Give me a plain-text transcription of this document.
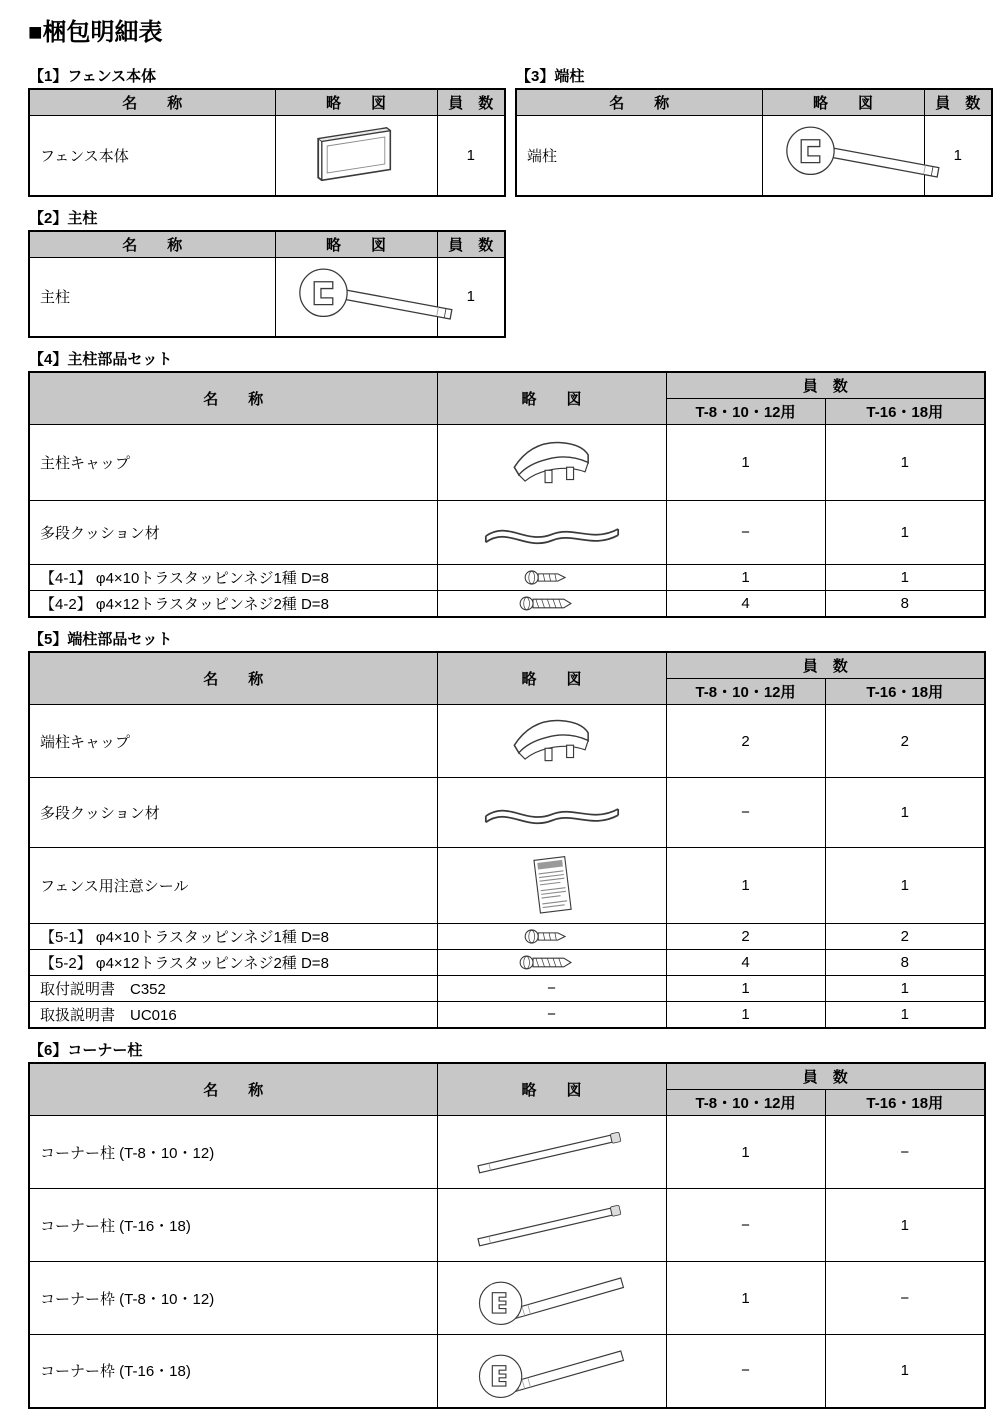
■梱包明細表
【1】フェンス本体
名　　称	略　　図	員　数
フェンス本体		1
【2】主柱
名　　称	略　　図	員　数
主柱		1
【3】端柱
名　　称	略　　図	員　数
端柱		1
【4】主柱部品セット
名　　称	略　　図	員　数	
		T-8・10・12用	T-16・18用
主柱キャップ		1	1
多段クッション材		−	1
【4-1】 φ4×10トラスタッピンネジ1種 D=8		1	1
【4-2】 φ4×12トラスタッピンネジ2種 D=8		4	8
【5】端柱部品セット
名　　称	略　　図	員　数	
		T-8・10・12用	T-16・18用
端柱キャップ		2	2
多段クッション材		−	1
フェンス用注意シール		1	1
【5-1】 φ4×10トラスタッピンネジ1種 D=8		2	2
【5-2】 φ4×12トラスタッピンネジ2種 D=8		4	8
取付説明書　C352	−	1	1
取扱説明書　UC016	−	1	1
【6】コーナー柱
名　　称	略　　図	員　数	
		T-8・10・12用	T-16・18用
コーナー柱 (T-8・10・12)		1	−
コーナー柱 (T-16・18)		−	1
コーナー枠 (T-8・10・12)		1	−
コーナー枠 (T-16・18)		−	1
